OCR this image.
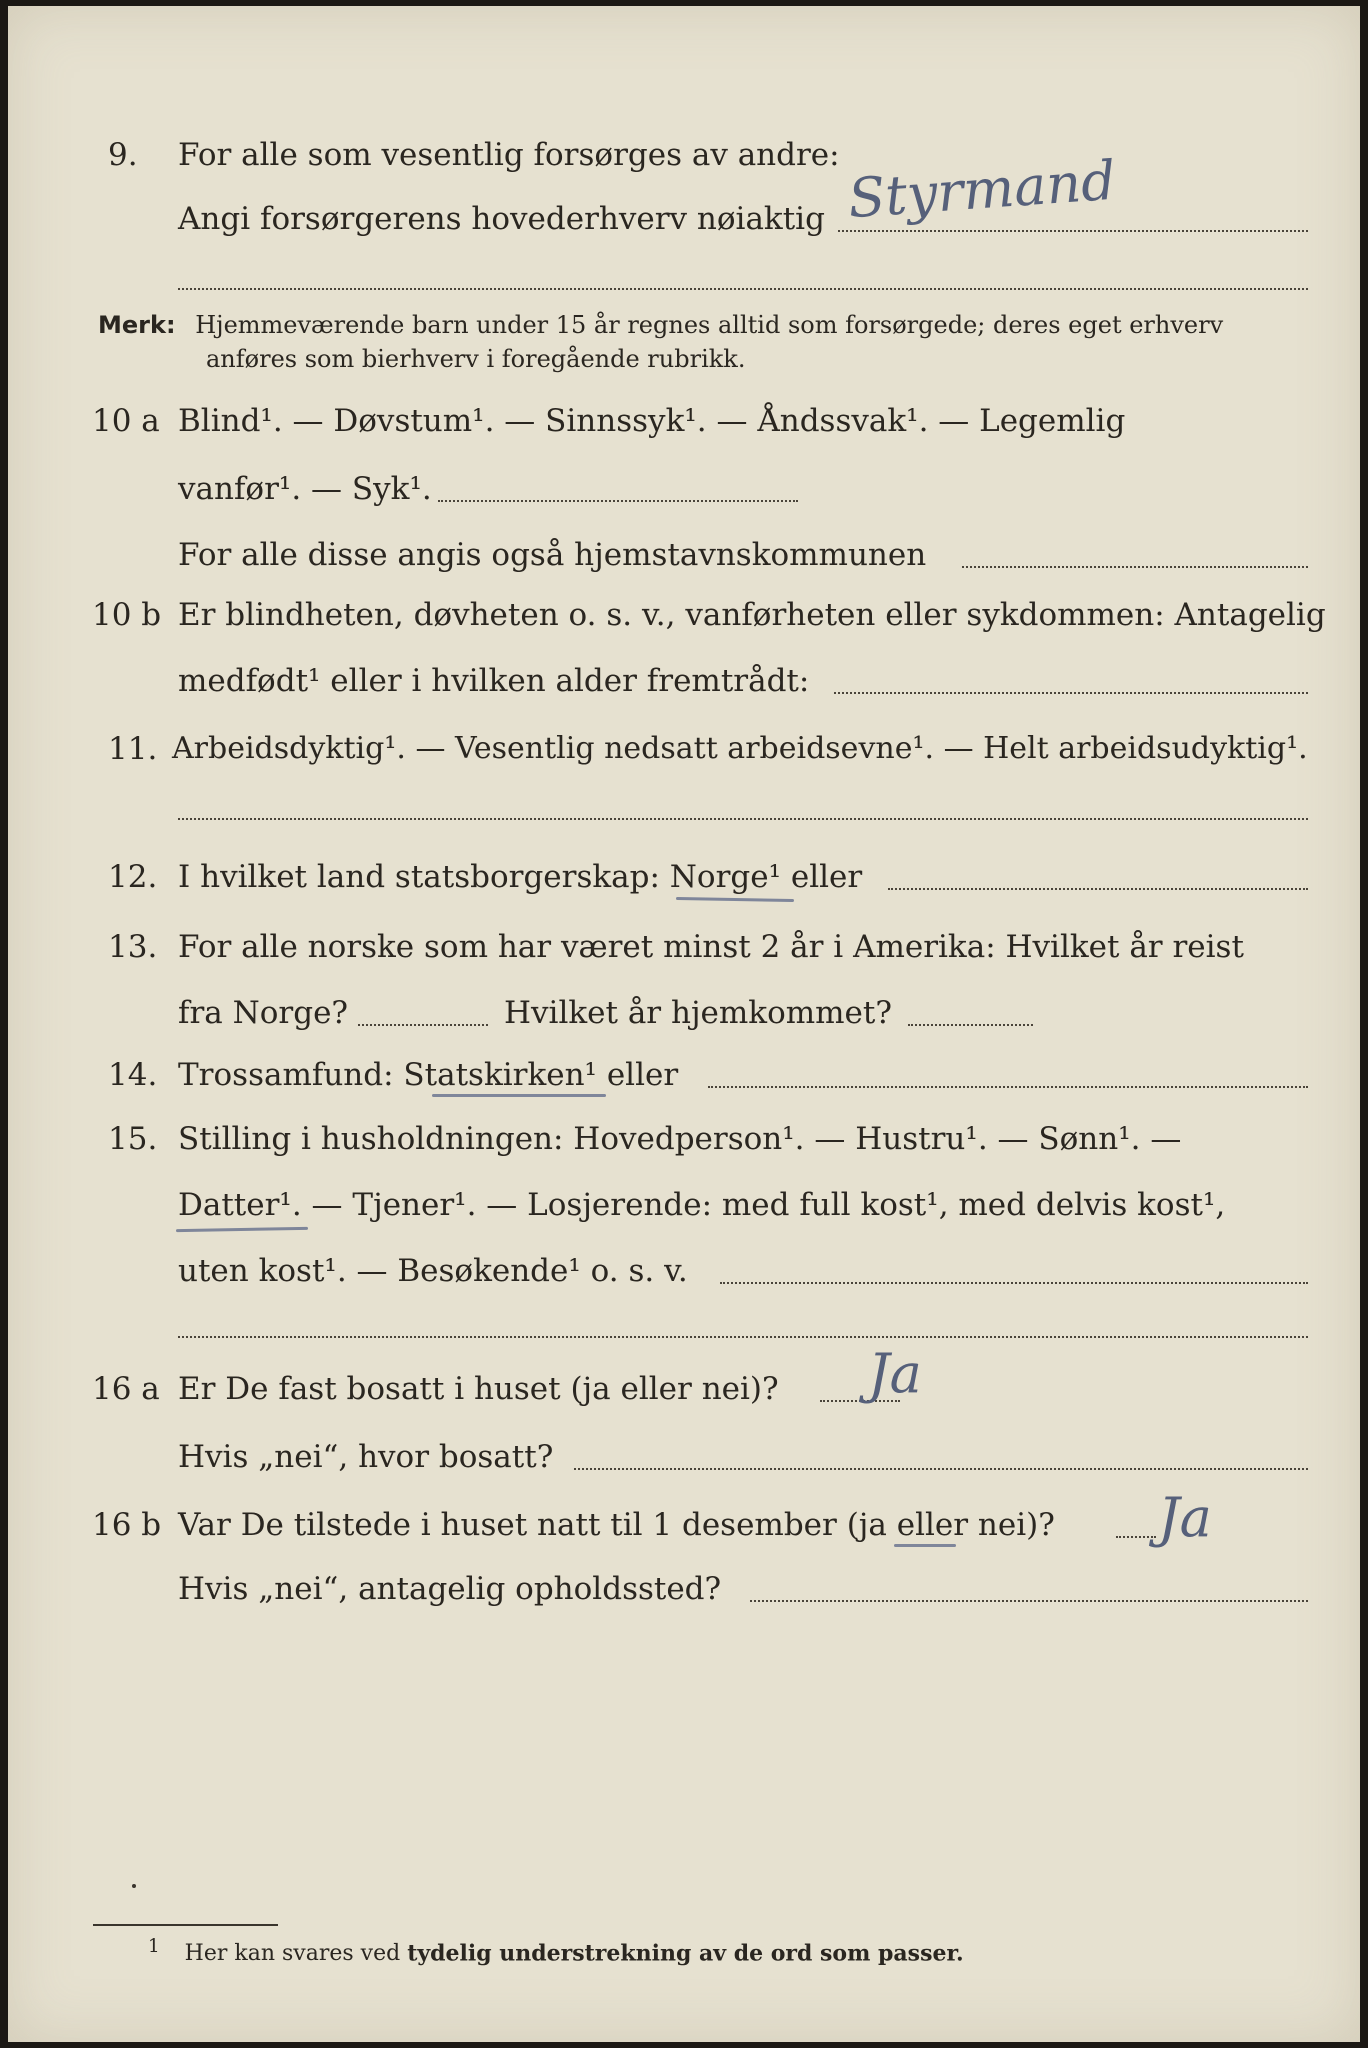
9. For alle som vesentlig forsørges av andre:
Angi forsørgerens hovederhverv nøiaktig Styrmand
Merk: Hjemmeværende barn under 15 år regnes alltid som forsørgede; deres eget erhverv
anføres som bierhverv i foregående rubrikk.
10 a Blind¹. — Døvstum¹. — Sinnssyk¹. — Åndssvak¹. — Legemlig
vanfør¹. — Syk¹.
For alle disse angis også hjemstavnskommunen
10 b Er blindheten, døvheten o. s. v., vanførheten eller sykdommen: Antagelig
medfødt¹ eller i hvilken alder fremtrådt:
11. Arbeidsdyktig¹. — Vesentlig nedsatt arbeidsevne¹. — Helt arbeidsudyktig¹.
12. I hvilket land statsborgerskap: Norge¹ eller
13. For alle norske som har været minst 2 år i Amerika: Hvilket år reist
fra Norge?	Hvilket år hjemkommet?
14. Trossamfund: Statskirken¹ eller
15. Stilling i husholdningen: Hovedperson¹. — Hustru¹. — Sønn¹. —
Datter¹. — Tjener¹. — Losjerende: med full kost¹, med delvis kost¹,
uten kost¹. — Besøkende¹ o. s. v.
16 a Er De fast bosatt i huset (ja eller nei)? Ja
Hvis „nei“, hvor bosatt?
16 b Var De tilstede i huset natt til 1 desember (ja eller nei)? Ja
Hvis „nei“, antagelig opholdssted?
$^1$ Her kan svares ved tydelig understrekning av de ord som passer.
